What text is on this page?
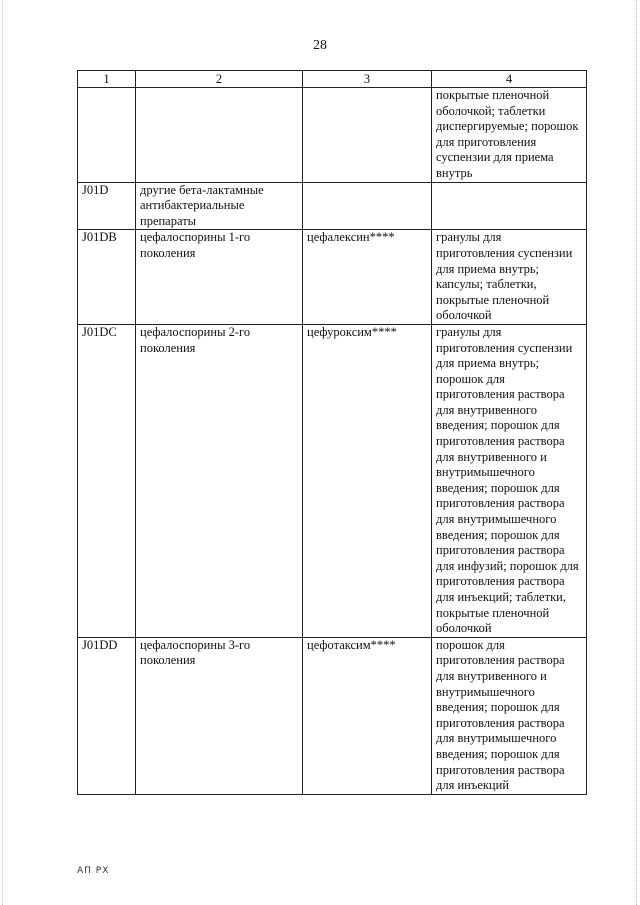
28
1	2	3	4
			покрытые пленочной оболочкой; таблетки диспергируемые; порошок для приготовления суспензии для приема внутрь
J01D	другие бета-лактамные антибактериальные препараты		
J01DB	цефалоспорины 1-го поколения	цефалексин****	гранулы для приготовления суспензии для приема внутрь; капсулы; таблетки, покрытые пленочной оболочкой
J01DC	цефалоспорины 2-го поколения	цефуроксим****	гранулы для приготовления суспензии для приема внутрь; порошок для приготовления раствора для внутривенного введения; порошок для приготовления раствора для внутривенного и внутримышечного введения; порошок для приготовления раствора для внутримышечного введения; порошок для приготовления раствора для инфузий; порошок для приготовления раствора для инъекций; таблетки, покрытые пленочной оболочкой
J01DD	цефалоспорины 3-го поколения	цефотаксим****	порошок для приготовления раствора для внутривенного и внутримышечного введения; порошок для приготовления раствора для внутримышечного введения; порошок для приготовления раствора для инъекций
АП РХ
